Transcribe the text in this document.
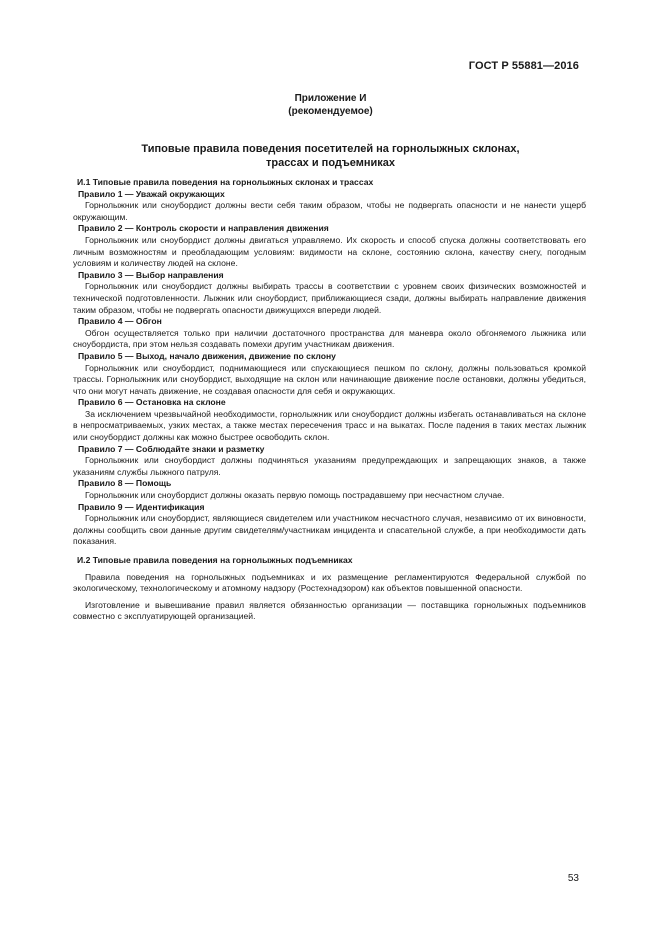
ГОСТ Р 55881—2016
Приложение И
(рекомендуемое)
Типовые правила поведения посетителей на горнолыжных склонах,
трассах и подъемниках

И.1 Типовые правила поведения на горнолыжных склонах и трассах

Правило 1 — Уважай окружающих

Горнолыжник или сноубордист должны вести себя таким образом, чтобы не подвергать опасности и не нанести ущерб окружающим.

Правило 2 — Контроль скорости и направления движения

Горнолыжник или сноубордист должны двигаться управляемо. Их скорость и способ спуска должны соответствовать его личным возможностям и преобладающим условиям: видимости на склоне, состоянию склона, качеству снегу, погодным условиям и количеству людей на склоне.

Правило 3 — Выбор направления

Горнолыжник или сноубордист должны выбирать трассы в соответствии с уровнем своих физических возможностей и технической подготовленности. Лыжник или сноубордист, приближающиеся сзади, должны выбирать направление движения таким образом, чтобы не подвергать опасности движущихся впереди людей.

Правило 4 — Обгон

Обгон осуществляется только при наличии достаточного пространства для маневра около обгоняемого лыжника или сноубордиста, при этом нельзя создавать помехи другим участникам движения.

Правило 5 — Выход, начало движения, движение по склону

Горнолыжник или сноубордист, поднимающиеся или спускающиеся пешком по склону, должны пользоваться кромкой трассы. Горнолыжник или сноубордист, выходящие на склон или начинающие движение после остановки, должны убедиться, что они могут начать движение, не создавая опасности для себя и окружающих.

Правило 6 — Остановка на склоне

За исключением чрезвычайной необходимости, горнолыжник или сноубордист должны избегать останавливаться на склоне в непросматриваемых, узких местах, а также местах пересечения трасс и на выкатах. После падения в таких местах лыжник или сноубордист должны как можно быстрее освободить склон.

Правило 7 — Соблюдайте знаки и разметку

Горнолыжник или сноубордист должны подчиняться указаниям предупреждающих и запрещающих знаков, а также указаниям службы лыжного патруля.

Правило 8 — Помощь

Горнолыжник или сноубордист должны оказать первую помощь пострадавшему при несчастном случае.

Правило 9 — Идентификация

Горнолыжник или сноубордист, являющиеся свидетелем или участником несчастного случая, независимо от их виновности, должны сообщить свои данные другим свидетелям/участникам инцидента и спасательной службе, а при необходимости дать показания.

И.2 Типовые правила поведения на горнолыжных подъемниках

Правила поведения на горнолыжных подъемниках и их размещение регламентируются Федеральной службой по экологическому, технологическому и атомному надзору (Ростехнадзором) как объектов повышенной опасности.

Изготовление и вывешивание правил является обязанностью организации — поставщика горнолыжных подъемников совместно с эксплуатирующей организацией.

53
